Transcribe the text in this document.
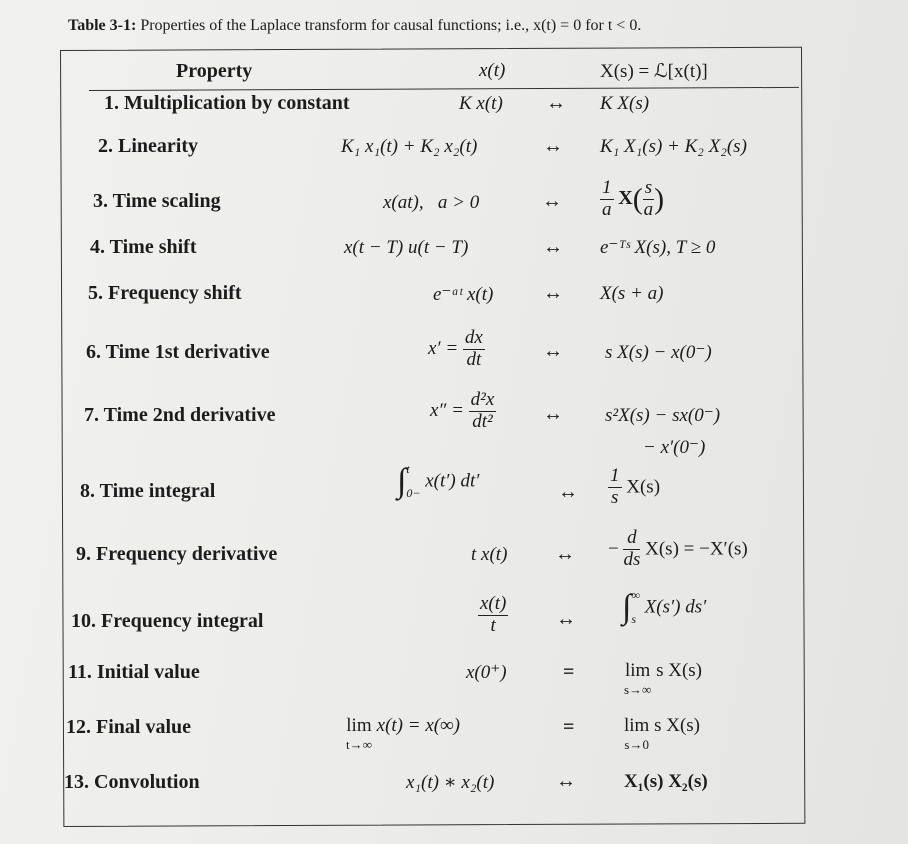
Table 3-1: Properties of the Laplace transform for causal functions; i.e., x(t) = 0 for t < 0.
Property	x(t)	X(s) = ℒ[x(t)]
1. Multiplication by constant	K x(t) ↔ K X(s)
2. Linearity	K₁ x₁(t) + K₂ x₂(t)	↔ K₁ X₁(s) + K₂ X₂(s)
3. Time scaling	x(at),   a > 0	↔ $\frac{1}{a} X( \frac{s}{a}$ )
4. Time shift	x(t − T) u(t − T)	↔ e⁻ᵀˢ X(s), T ≥ 0
5. Frequency shift	e⁻ᵃᵗ x(t) ↔ X(s + a)
6. Time 1st derivative	$x' = \frac{dx}{dt}$	↔ s X(s) − x(0⁻)
7. Time 2nd derivative	$x'' = \frac{\text{d²x}}{\text{dt²}}$ ↔ s²X(s) − sx(0⁻)
− x′(0⁻)
8. Time integral	∫ t
0−
x(t′) dt′	↔ $\frac{1}{s} X(s)$
9. Frequency derivative	t x(t) ↔ − $\frac{d}{ds} X(s) = -X'(s)$
10. Frequency integral	$\frac{x(t)}{t}$ ↔ ∫ ∞
s
X(s′) ds′
11. Initial value	x(0⁺)	=	lim
s→∞
s X(s)
12. Final value	lim
t→∞
x(t) = x(∞)	=	lim
s→0
s X(s)
13. Convolution	x₁(t) ∗ x₂(t)	↔	X₁(s) X₂(s)
